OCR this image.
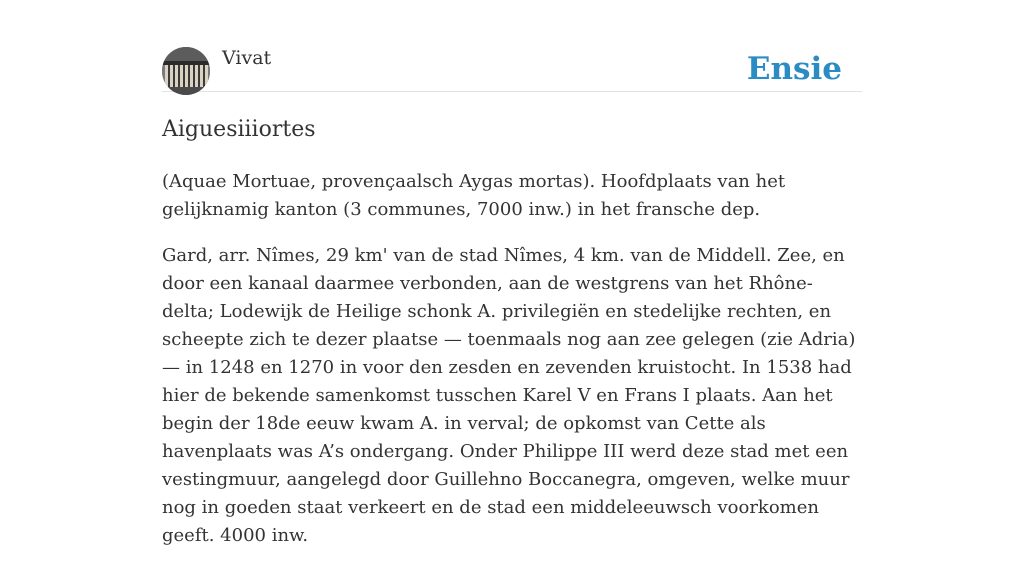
Vivat	Ensie
Aiguesiiiortes

(Aquae Mortuae, provençaalsch Aygas mortas). Hoofdplaats van het gelijknamig kanton (3 communes, 7000 inw.) in het fransche dep.

Gard, arr. Nîmes, 29 km' van de stad Nîmes, 4 km. van de Middell. Zee, en door een kanaal daarmee verbonden, aan de westgrens van het Rhône-delta; Lodewijk de Heilige schonk A. privilegiën en stedelijke rechten, en scheepte zich te dezer plaatse — toenmaals nog aan zee gelegen (zie Adria) — in 1248 en 1270 in voor den zesden en zevenden kruistocht. In 1538 had hier de bekende samenkomst tusschen Karel V en Frans I plaats. Aan het begin der 18de eeuw kwam A. in verval; de opkomst van Cette als havenplaats was A’s ondergang. Onder Philippe III werd deze stad met een vestingmuur, aangelegd door Guillehno Boccanegra, omgeven, welke muur nog in goeden staat verkeert en de stad een middeleeuwsch voorkomen geeft. 4000 inw.
